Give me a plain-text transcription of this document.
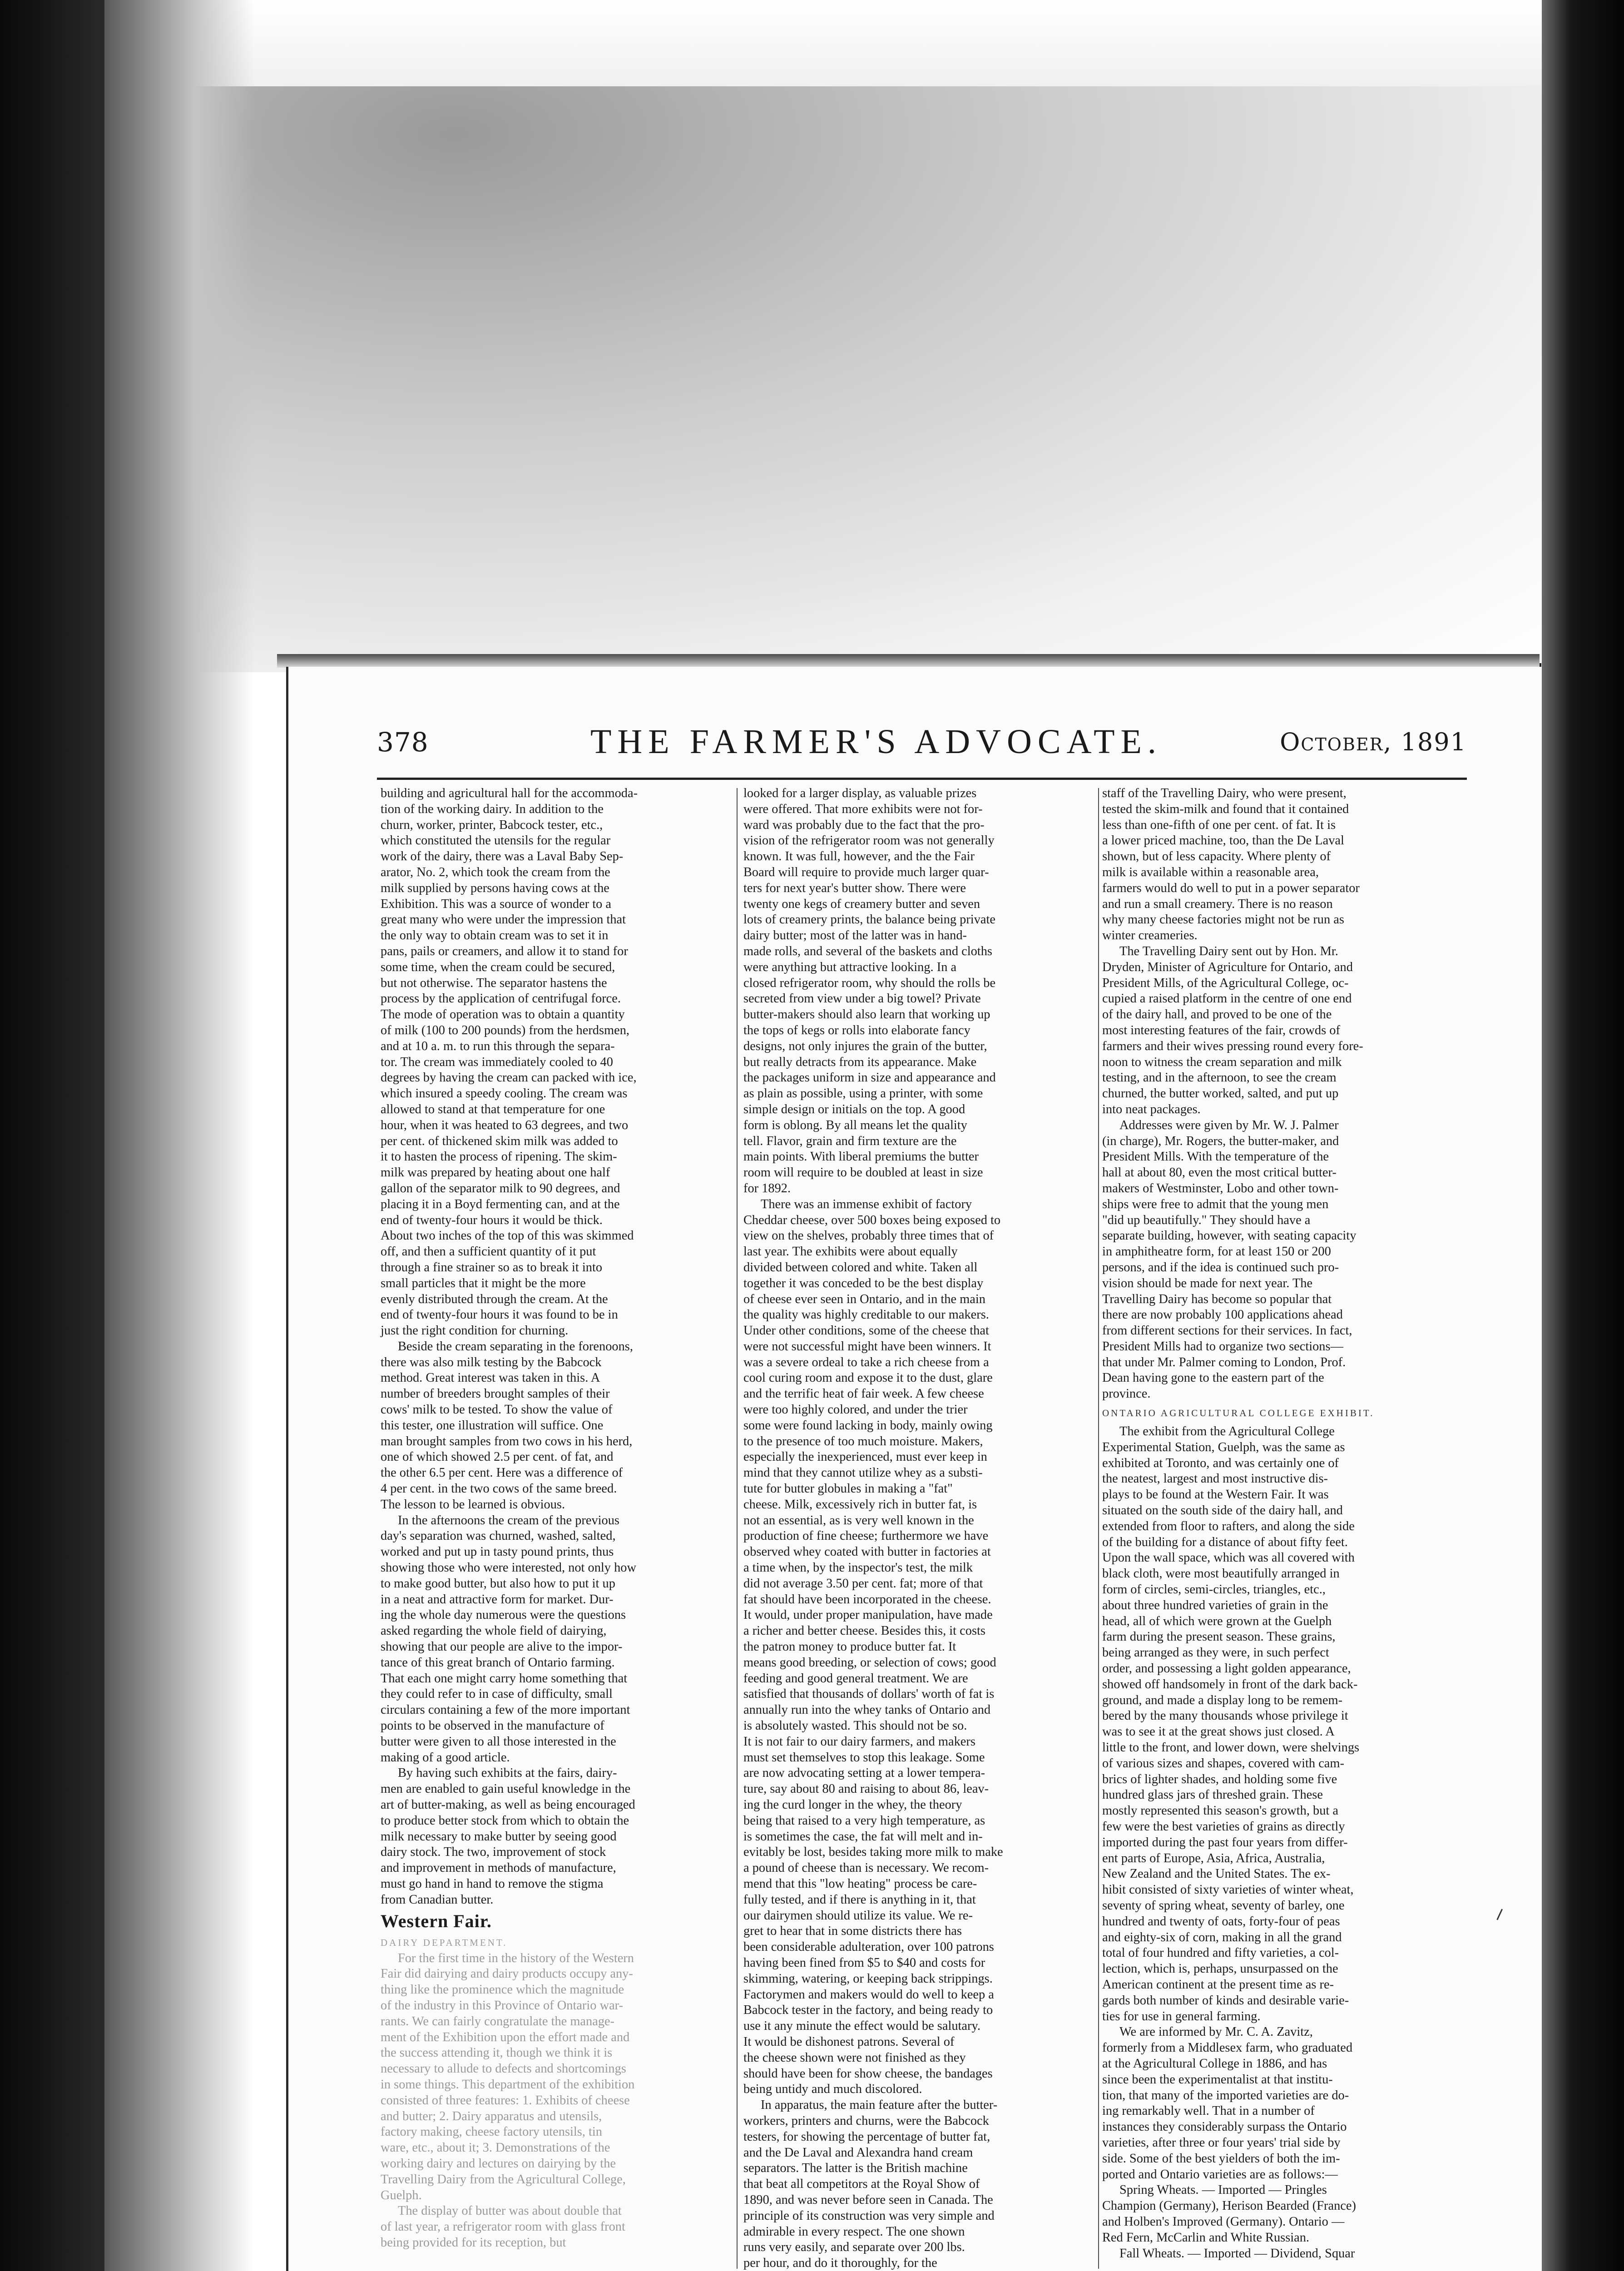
378	THE FARMER'S ADVOCATE.	October, 1891

building and agricultural hall for the accommoda-
tion of the working dairy. In addition to the
churn, worker, printer, Babcock tester, etc.,
which constituted the utensils for the regular
work of the dairy, there was a Laval Baby Sep-
arator, No. 2, which took the cream from the
milk supplied by persons having cows at the
Exhibition. This was a source of wonder to a
great many who were under the impression that
the only way to obtain cream was to set it in
pans, pails or creamers, and allow it to stand for
some time, when the cream could be secured,
but not otherwise. The separator hastens the
process by the application of centrifugal force.
The mode of operation was to obtain a quantity
of milk (100 to 200 pounds) from the herdsmen,
and at 10 a. m. to run this through the separa-
tor. The cream was immediately cooled to 40
degrees by having the cream can packed with ice,
which insured a speedy cooling. The cream was
allowed to stand at that temperature for one
hour, when it was heated to 63 degrees, and two
per cent. of thickened skim milk was added to
it to hasten the process of ripening. The skim-
milk was prepared by heating about one half
gallon of the separator milk to 90 degrees, and
placing it in a Boyd fermenting can, and at the
end of twenty-four hours it would be thick.
About two inches of the top of this was skimmed
off, and then a sufficient quantity of it put
through a fine strainer so as to break it into
small particles that it might be the more
evenly distributed through the cream. At the
end of twenty-four hours it was found to be in
just the right condition for churning.

Beside the cream separating in the forenoons,
there was also milk testing by the Babcock
method. Great interest was taken in this. A
number of breeders brought samples of their
cows' milk to be tested. To show the value of
this tester, one illustration will suffice. One
man brought samples from two cows in his herd,
one of which showed 2.5 per cent. of fat, and
the other 6.5 per cent. Here was a difference of
4 per cent. in the two cows of the same breed.
The lesson to be learned is obvious.

In the afternoons the cream of the previous
day's separation was churned, washed, salted,
worked and put up in tasty pound prints, thus
showing those who were interested, not only how
to make good butter, but also how to put it up
in a neat and attractive form for market. Dur-
ing the whole day numerous were the questions
asked regarding the whole field of dairying,
showing that our people are alive to the impor-
tance of this great branch of Ontario farming.
That each one might carry home something that
they could refer to in case of difficulty, small
circulars containing a few of the more important
points to be observed in the manufacture of
butter were given to all those interested in the
making of a good article.

By having such exhibits at the fairs, dairy-
men are enabled to gain useful knowledge in the
art of butter-making, as well as being encouraged
to produce better stock from which to obtain the
milk necessary to make butter by seeing good
dairy stock. The two, improvement of stock
and improvement in methods of manufacture,
must go hand in hand to remove the stigma
from Canadian butter.

Western Fair.

DAIRY DEPARTMENT.

For the first time in the history of the Western
Fair did dairying and dairy products occupy any-
thing like the prominence which the magnitude
of the industry in this Province of Ontario war-
rants. We can fairly congratulate the manage-
ment of the Exhibition upon the effort made and
the success attending it, though we think it is
necessary to allude to defects and shortcomings
in some things. This department of the exhibition
consisted of three features: 1. Exhibits of cheese
and butter; 2. Dairy apparatus and utensils,
factory making, cheese factory utensils, tin
ware, etc., about it; 3. Demonstrations of the
working dairy and lectures on dairying by the
Travelling Dairy from the Agricultural College,
Guelph.

The display of butter was about double that
of last year, a refrigerator room with glass front
being provided for its reception, but

looked for a larger display, as valuable prizes
were offered. That more exhibits were not for-
ward was probably due to the fact that the pro-
vision of the refrigerator room was not generally
known. It was full, however, and the the Fair
Board will require to provide much larger quar-
ters for next year's butter show. There were
twenty one kegs of creamery butter and seven
lots of creamery prints, the balance being private
dairy butter; most of the latter was in hand-
made rolls, and several of the baskets and cloths
were anything but attractive looking. In a
closed refrigerator room, why should the rolls be
secreted from view under a big towel? Private
butter-makers should also learn that working up
the tops of kegs or rolls into elaborate fancy
designs, not only injures the grain of the butter,
but really detracts from its appearance. Make
the packages uniform in size and appearance and
as plain as possible, using a printer, with some
simple design or initials on the top. A good
form is oblong. By all means let the quality
tell. Flavor, grain and firm texture are the
main points. With liberal premiums the butter
room will require to be doubled at least in size
for 1892.

There was an immense exhibit of factory
Cheddar cheese, over 500 boxes being exposed to
view on the shelves, probably three times that of
last year. The exhibits were about equally
divided between colored and white. Taken all
together it was conceded to be the best display
of cheese ever seen in Ontario, and in the main
the quality was highly creditable to our makers.
Under other conditions, some of the cheese that
were not successful might have been winners. It
was a severe ordeal to take a rich cheese from a
cool curing room and expose it to the dust, glare
and the terrific heat of fair week. A few cheese
were too highly colored, and under the trier
some were found lacking in body, mainly owing
to the presence of too much moisture. Makers,
especially the inexperienced, must ever keep in
mind that they cannot utilize whey as a substi-
tute for butter globules in making a "fat"
cheese. Milk, excessively rich in butter fat, is
not an essential, as is very well known in the
production of fine cheese; furthermore we have
observed whey coated with butter in factories at
a time when, by the inspector's test, the milk
did not average 3.50 per cent. fat; more of that
fat should have been incorporated in the cheese.
It would, under proper manipulation, have made
a richer and better cheese. Besides this, it costs
the patron money to produce butter fat. It
means good breeding, or selection of cows; good
feeding and good general treatment. We are
satisfied that thousands of dollars' worth of fat is
annually run into the whey tanks of Ontario and
is absolutely wasted. This should not be so.
It is not fair to our dairy farmers, and makers
must set themselves to stop this leakage. Some
are now advocating setting at a lower tempera-
ture, say about 80 and raising to about 86, leav-
ing the curd longer in the whey, the theory
being that raised to a very high temperature, as
is sometimes the case, the fat will melt and in-
evitably be lost, besides taking more milk to make
a pound of cheese than is necessary. We recom-
mend that this "low heating" process be care-
fully tested, and if there is anything in it, that
our dairymen should utilize its value. We re-
gret to hear that in some districts there has
been considerable adulteration, over 100 patrons
having been fined from $5 to $40 and costs for
skimming, watering, or keeping back strippings.
Factorymen and makers would do well to keep a
Babcock tester in the factory, and being ready to
use it any minute the effect would be salutary.
It would be dishonest patrons. Several of
the cheese shown were not finished as they
should have been for show cheese, the bandages
being untidy and much discolored.

In apparatus, the main feature after the butter-
workers, printers and churns, were the Babcock
testers, for showing the percentage of butter fat,
and the De Laval and Alexandra hand cream
separators. The latter is the British machine
that beat all competitors at the Royal Show of
1890, and was never before seen in Canada. The
principle of its construction was very simple and
admirable in every respect. The one shown
runs very easily, and separate over 200 lbs.
per hour, and do it thoroughly, for the

staff of the Travelling Dairy, who were present,
tested the skim-milk and found that it contained
less than one-fifth of one per cent. of fat. It is
a lower priced machine, too, than the De Laval
shown, but of less capacity. Where plenty of
milk is available within a reasonable area,
farmers would do well to put in a power separator
and run a small creamery. There is no reason
why many cheese factories might not be run as
winter creameries.

The Travelling Dairy sent out by Hon. Mr.
Dryden, Minister of Agriculture for Ontario, and
President Mills, of the Agricultural College, oc-
cupied a raised platform in the centre of one end
of the dairy hall, and proved to be one of the
most interesting features of the fair, crowds of
farmers and their wives pressing round every fore-
noon to witness the cream separation and milk
testing, and in the afternoon, to see the cream
churned, the butter worked, salted, and put up
into neat packages.

Addresses were given by Mr. W. J. Palmer
(in charge), Mr. Rogers, the butter-maker, and
President Mills. With the temperature of the
hall at about 80, even the most critical butter-
makers of Westminster, Lobo and other town-
ships were free to admit that the young men
"did up beautifully." They should have a
separate building, however, with seating capacity
in amphitheatre form, for at least 150 or 200
persons, and if the idea is continued such pro-
vision should be made for next year. The
Travelling Dairy has become so popular that
there are now probably 100 applications ahead
from different sections for their services. In fact,
President Mills had to organize two sections—
that under Mr. Palmer coming to London, Prof.
Dean having gone to the eastern part of the
province.

ONTARIO AGRICULTURAL COLLEGE EXHIBIT.

The exhibit from the Agricultural College
Experimental Station, Guelph, was the same as
exhibited at Toronto, and was certainly one of
the neatest, largest and most instructive dis-
plays to be found at the Western Fair. It was
situated on the south side of the dairy hall, and
extended from floor to rafters, and along the side
of the building for a distance of about fifty feet.
Upon the wall space, which was all covered with
black cloth, were most beautifully arranged in
form of circles, semi-circles, triangles, etc.,
about three hundred varieties of grain in the
head, all of which were grown at the Guelph
farm during the present season. These grains,
being arranged as they were, in such perfect
order, and possessing a light golden appearance,
showed off handsomely in front of the dark back-
ground, and made a display long to be remem-
bered by the many thousands whose privilege it
was to see it at the great shows just closed. A
little to the front, and lower down, were shelvings
of various sizes and shapes, covered with cam-
brics of lighter shades, and holding some five
hundred glass jars of threshed grain. These
mostly represented this season's growth, but a
few were the best varieties of grains as directly
imported during the past four years from differ-
ent parts of Europe, Asia, Africa, Australia,
New Zealand and the United States. The ex-
hibit consisted of sixty varieties of winter wheat,
seventy of spring wheat, seventy of barley, one
hundred and twenty of oats, forty-four of peas
and eighty-six of corn, making in all the grand
total of four hundred and fifty varieties, a col-
lection, which is, perhaps, unsurpassed on the
American continent at the present time as re-
gards both number of kinds and desirable varie-
ties for use in general farming.

We are informed by Mr. C. A. Zavitz,
formerly from a Middlesex farm, who graduated
at the Agricultural College in 1886, and has
since been the experimentalist at that institu-
tion, that many of the imported varieties are do-
ing remarkably well. That in a number of
instances they considerably surpass the Ontario
varieties, after three or four years' trial side by
side. Some of the best yielders of both the im-
ported and Ontario varieties are as follows:—

Spring Wheats. — Imported — Pringles
Champion (Germany), Herison Bearded (France)
and Holben's Improved (Germany). Ontario —
Red Fern, McCarlin and White Russian.

Fall Wheats. — Imported — Dividend, Squar
